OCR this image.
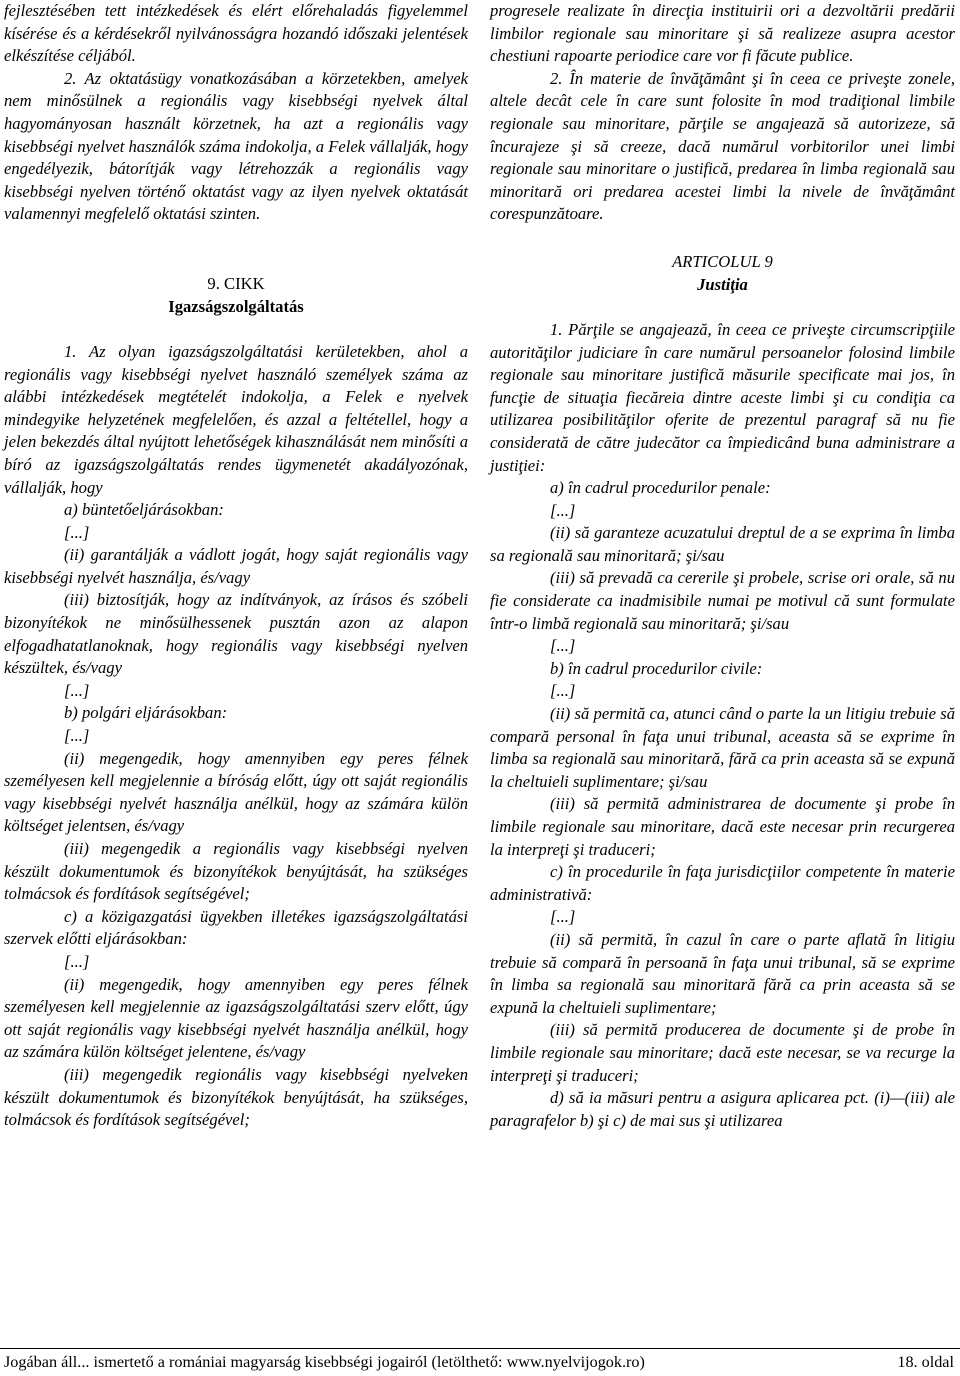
fejlesztésében tett intézkedések és elért előrehaladás figyelemmel kísérése és a kérdésekről nyilvánosságra hozandó időszaki jelentések elkészítése céljából.

2. Az oktatásügy vonatkozásában a körzetekben, amelyek nem minősülnek a regionális vagy kisebbségi nyelvek által hagyományosan használt körzetnek, ha azt a regionális vagy kisebbségi nyelvet használók száma indokolja, a Felek vállalják, hogy engedélyezik, bátorítják vagy létrehozzák a regionális vagy kisebbségi nyelven történő oktatást vagy az ilyen nyelvek oktatását valamennyi megfelelő oktatási szinten.

9. CIKK

Igazságszolgáltatás

1. Az olyan igazságszolgáltatási kerületekben, ahol a regionális vagy kisebbségi nyelvet használó személyek száma az alábbi intézkedések megtételét indokolja, a Felek e nyelvek mindegyike helyzetének megfelelően, és azzal a feltétellel, hogy a jelen bekezdés által nyújtott lehetőségek kihasználását nem minősíti a bíró az igazságszolgáltatás rendes ügymenetét akadályozónak, vállalják, hogy

a) büntetőeljárásokban:

[...]

(ii) garantálják a vádlott jogát, hogy saját regionális vagy kisebbségi nyelvét használja, és/vagy

(iii) biztosítják, hogy az indítványok, az írásos és szóbeli bizonyítékok ne minősülhessenek pusztán azon az alapon elfogadhatatlanoknak, hogy regionális vagy kisebbségi nyelven készültek, és/vagy

[...]

b) polgári eljárásokban:

[...]

(ii) megengedik, hogy amennyiben egy peres félnek személyesen kell megjelennie a bíróság előtt, úgy ott saját regionális vagy kisebbségi nyelvét használja anélkül, hogy az számára külön költséget jelentsen, és/vagy

(iii) megengedik a regionális vagy kisebbségi nyelven készült dokumentumok és bizonyítékok benyújtását, ha szükséges tolmácsok és fordítások segítségével;

c) a közigazgatási ügyekben illetékes igazságszolgáltatási szervek előtti eljárásokban:

[...]

(ii) megengedik, hogy amennyiben egy peres félnek személyesen kell megjelennie az igazságszolgáltatási szerv előtt, úgy ott saját regionális vagy kisebbségi nyelvét használja anélkül, hogy az számára külön költséget jelentene, és/vagy

(iii) megengedik regionális vagy kisebbségi nyelveken készült dokumentumok és bizonyítékok benyújtását, ha szükséges, tolmácsok és fordítások segítségével;

progresele realizate în direcţia instituirii ori a dezvoltării predării limbilor regionale sau minoritare şi să realizeze asupra acestor chestiuni rapoarte periodice care vor fi făcute publice.

2. În materie de învăţământ şi în ceea ce priveşte zonele, altele decât cele în care sunt folosite în mod tradiţional limbile regionale sau minoritare, părţile se angajează să autorizeze, să încurajeze şi să creeze, dacă numărul vorbitorilor unei limbi regionale sau minoritare o justifică, predarea în limba regională sau minoritară ori predarea acestei limbi la nivele de învăţământ corespunzătoare.

ARTICOLUL 9

Justiţia

1. Părţile se angajează, în ceea ce priveşte circumscripţiile autorităţilor judiciare în care numărul persoanelor folosind limbile regionale sau minoritare justifică măsurile specificate mai jos, în funcţie de situaţia fiecăreia dintre aceste limbi şi cu condiţia ca utilizarea posibilităţilor oferite de prezentul paragraf să nu fie considerată de către judecător ca împiedicând buna administrare a justiţiei:

a) în cadrul procedurilor penale:

[...]

(ii) să garanteze acuzatului dreptul de a se exprima în limba sa regională sau minoritară; şi/sau

(iii) să prevadă ca cererile şi probele, scrise ori orale, să nu fie considerate ca inadmisibile numai pe motivul că sunt formulate într-o limbă regională sau minoritară; şi/sau

[...]

b) în cadrul procedurilor civile:

[...]

(ii) să permită ca, atunci când o parte la un litigiu trebuie să compară personal în faţa unui tribunal, aceasta să se exprime în limba sa regională sau minoritară, fără ca prin aceasta să se expună la cheltuieli suplimentare; şi/sau

(iii) să permită administrarea de documente şi probe în limbile regionale sau minoritare, dacă este necesar prin recurgerea la interpreţi şi traduceri;

c) în procedurile în faţa jurisdicţiilor competente în materie administrativă:

[...]

(ii) să permită, în cazul în care o parte aflată în litigiu trebuie să compară în persoană în faţa unui tribunal, să se exprime în limba sa regională sau minoritară fără ca prin aceasta să se expună la cheltuieli suplimentare;

(iii) să permită producerea de documente şi de probe în limbile regionale sau minoritare; dacă este necesar, se va recurge la interpreţi şi traduceri;

d) să ia măsuri pentru a asigura aplicarea pct. (i)—(iii) ale paragrafelor b) şi c) de mai sus şi utilizarea

Jogában áll... ismertető a romániai magyarság kisebbségi jogairól (letölthető: www.nyelvijogok.ro)	18. oldal
